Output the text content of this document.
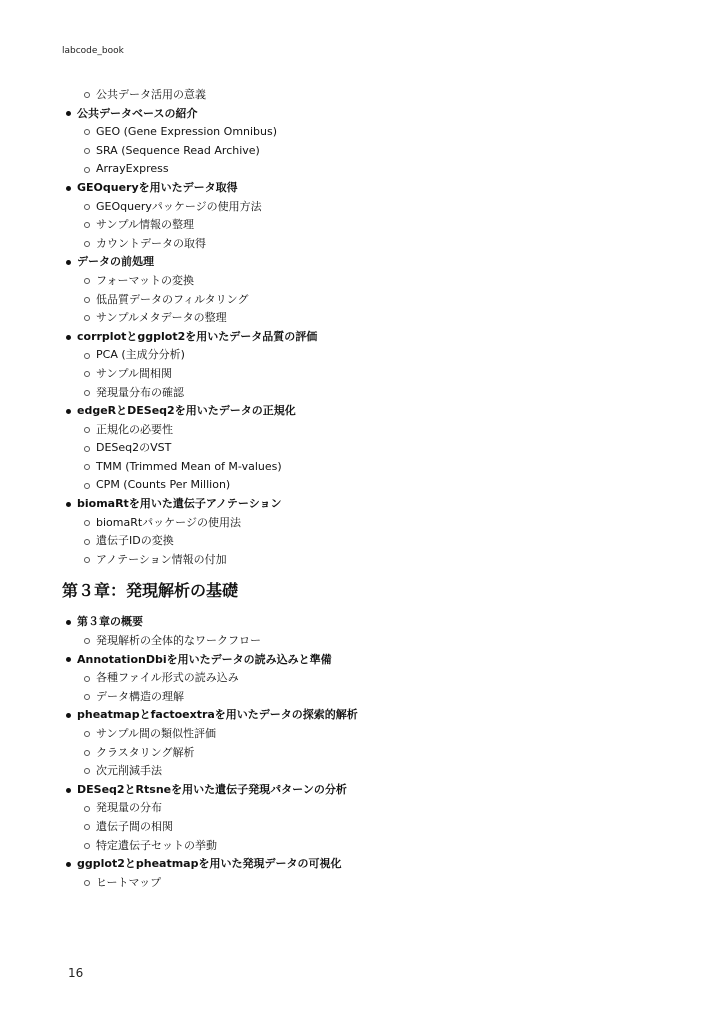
labcode_book
公共データ活用の意義
公共データベースの紹介
GEO (Gene Expression Omnibus)
SRA (Sequence Read Archive)
ArrayExpress
GEOqueryを用いたデータ取得
GEOqueryパッケージの使用方法
サンプル情報の整理
カウントデータの取得
データの前処理
フォーマットの変換
低品質データのフィルタリング
サンプルメタデータの整理
corrplotとggplot2を用いたデータ品質の評価
PCA (主成分分析)
サンプル間相関
発現量分布の確認
edgeRとDESeq2を用いたデータの正規化
正規化の必要性
DESeq2のVST
TMM (Trimmed Mean of M-values)
CPM (Counts Per Million)
biomaRtを用いた遺伝子アノテーション
biomaRtパッケージの使用法
遺伝子IDの変換
アノテーション情報の付加
第３章：発現解析の基礎
第３章の概要
発現解析の全体的なワークフロー
AnnotationDbiを用いたデータの読み込みと準備
各種ファイル形式の読み込み
データ構造の理解
pheatmapとfactoextraを用いたデータの探索的解析
サンプル間の類似性評価
クラスタリング解析
次元削減手法
DESeq2とRtsneを用いた遺伝子発現パターンの分析
発現量の分布
遺伝子間の相関
特定遺伝子セットの挙動
ggplot2とpheatmapを用いた発現データの可視化
ヒートマップ
16
